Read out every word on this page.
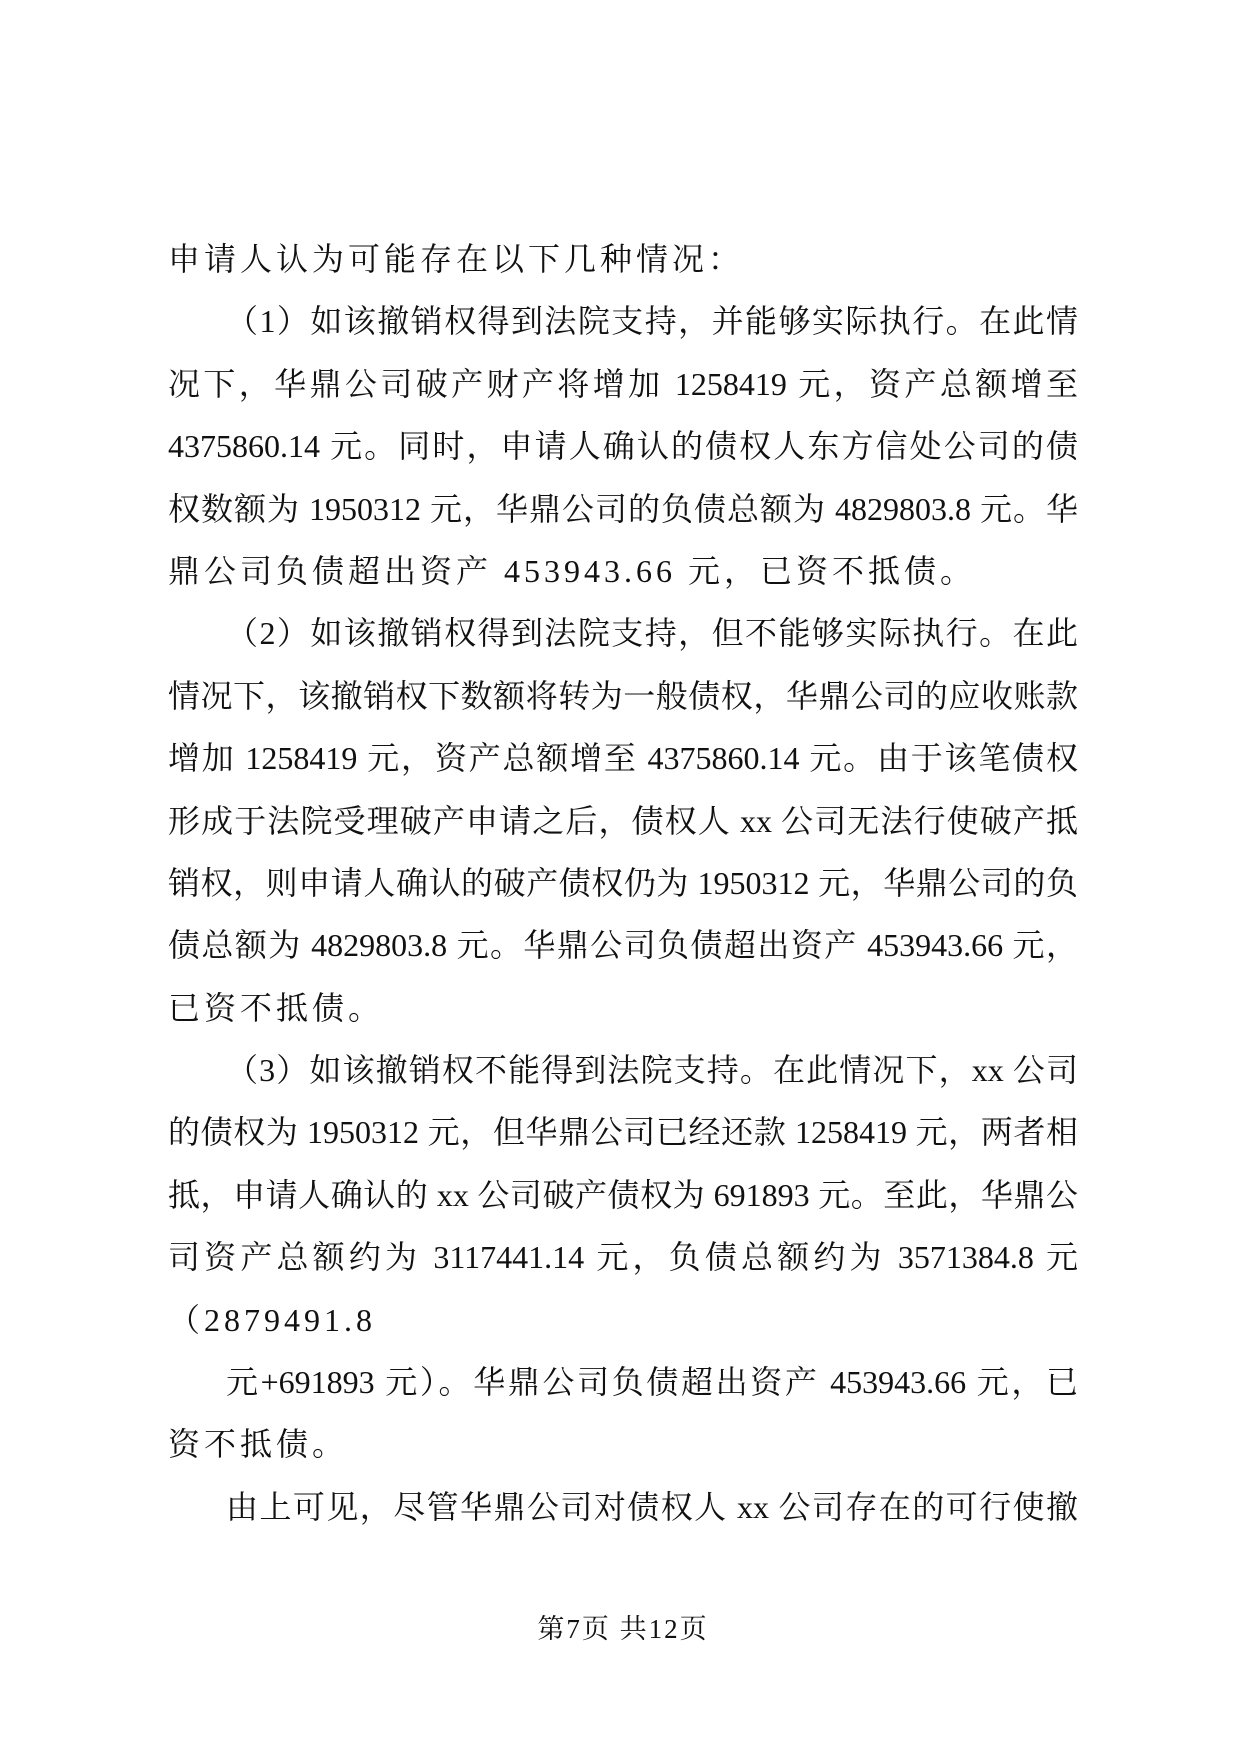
申请人认为可能存在以下几种情况：
（1）如该撤销权得到法院支持，并能够实际执行。在此情
况下，华鼎公司破产财产将增加 1258419 元，资产总额增至
4375860.14 元。同时，申请人确认的债权人东方信处公司的债
权数额为 1950312 元，华鼎公司的负债总额为 4829803.8 元。华
鼎公司负债超出资产 453943.66 元，已资不抵债。
（2）如该撤销权得到法院支持，但不能够实际执行。在此
情况下，该撤销权下数额将转为一般债权，华鼎公司的应收账款
增加 1258419 元，资产总额增至 4375860.14 元。由于该笔债权
形成于法院受理破产申请之后，债权人 xx 公司无法行使破产抵
销权，则申请人确认的破产债权仍为 1950312 元，华鼎公司的负
债总额为 4829803.8 元。华鼎公司负债超出资产 453943.66 元，
已资不抵债。
（3）如该撤销权不能得到法院支持。在此情况下，xx 公司
的债权为 1950312 元，但华鼎公司已经还款 1258419 元，两者相
抵，申请人确认的 xx 公司破产债权为 691893 元。至此，华鼎公
司资产总额约为 3117441.14 元，负债总额约为 3571384.8 元
（2879491.8
元+691893 元）。华鼎公司负债超出资产 453943.66 元，已
资不抵债。
由上可见，尽管华鼎公司对债权人 xx 公司存在的可行使撤
第7页 共12页
